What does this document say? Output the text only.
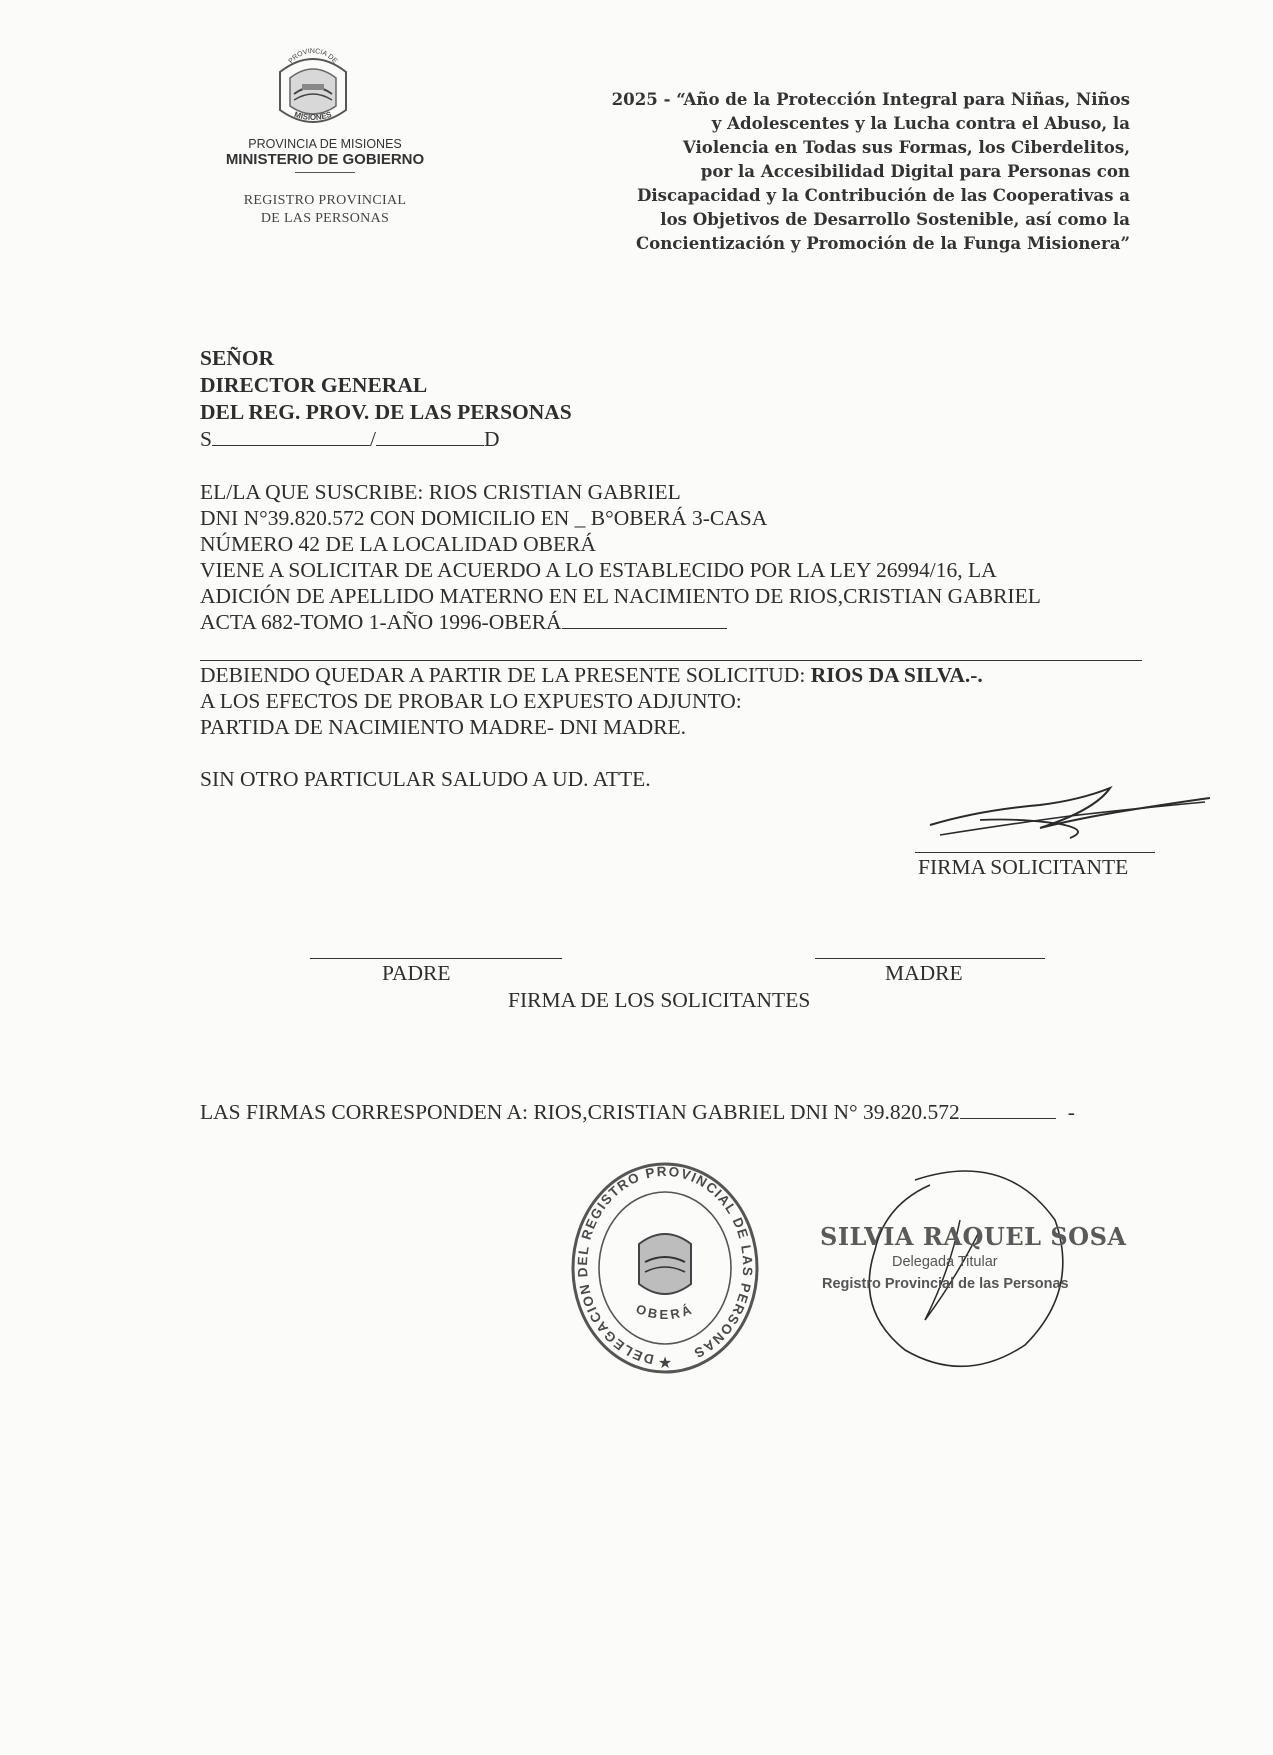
PROVINCIA DE
MISIONES
PROVINCIA DE MISIONES
MINISTERIO DE GOBIERNO
REGISTRO PROVINCIAL
DE LAS PERSONAS
2025 - “Año de la Protección Integral para Niñas, Niños
y Adolescentes y la Lucha contra el Abuso, la
Violencia en Todas sus Formas, los Ciberdelitos,
por la Accesibilidad Digital para Personas con
Discapacidad y la Contribución de las Cooperativas a
los Objetivos de Desarrollo Sostenible, así como la
Concientización y Promoción de la Funga Misionera”
SEÑOR
DIRECTOR GENERAL
DEL REG. PROV. DE LAS PERSONAS
S	/	D
EL/LA QUE SUSCRIBE: RIOS CRISTIAN GABRIEL
DNI N°39.820.572 CON DOMICILIO EN _ B°OBERÁ 3-CASA
NÚMERO 42 DE LA LOCALIDAD OBERÁ
VIENE A SOLICITAR DE ACUERDO A LO ESTABLECIDO POR LA LEY 26994/16, LA
ADICIÓN DE APELLIDO MATERNO EN EL NACIMIENTO DE RIOS,CRISTIAN GABRIEL
ACTA 682-TOMO 1-AÑO 1996-OBERÁ
DEBIENDO QUEDAR A PARTIR DE LA PRESENTE SOLICITUD: RIOS DA SILVA.-.
A LOS EFECTOS DE PROBAR LO EXPUESTO ADJUNTO:
PARTIDA DE NACIMIENTO MADRE- DNI MADRE.
SIN OTRO PARTICULAR SALUDO A UD. ATTE.
FIRMA SOLICITANTE
PADRE	MADRE
FIRMA DE LOS SOLICITANTES
LAS FIRMAS CORRESPONDEN A: RIOS,CRISTIAN GABRIEL DNI N° 39.820.572	-
DELEGACION DEL REGISTRO PROVINCIAL DE LAS PERSONAS
OBERÁ
★
SILVIA RAQUEL SOSA
Delegada Titular
Registro Provincial de las Personas
